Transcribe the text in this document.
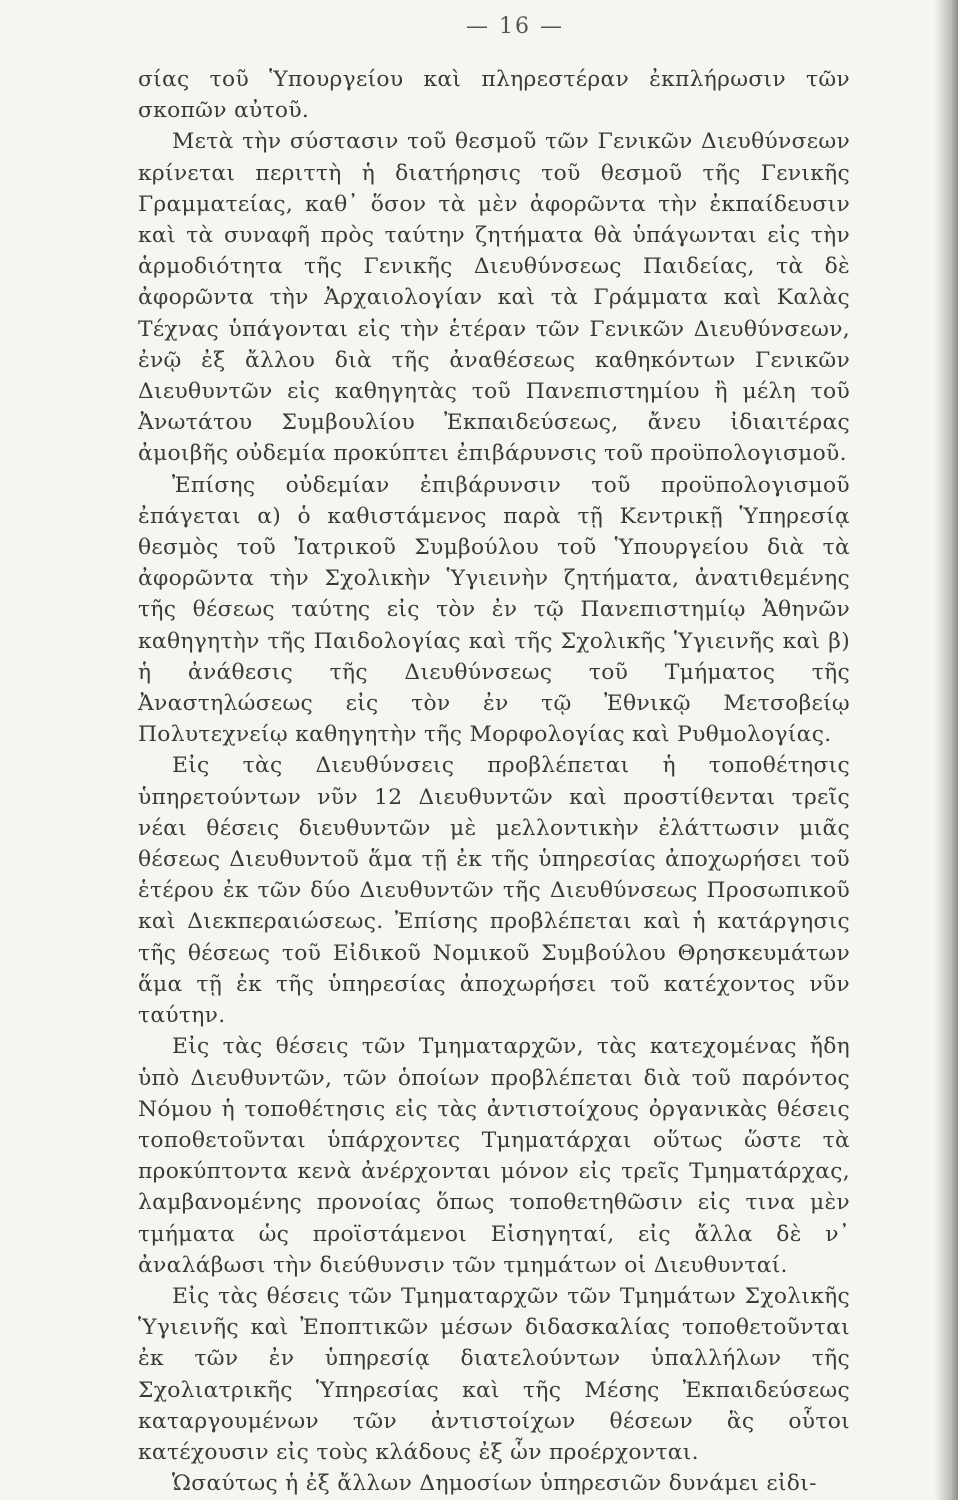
— 16 —

σίας τοῦ Ὑπουργείου καὶ πληρεστέραν ἐκπλήρωσιν τῶν σκοπῶν αὐτοῦ.

Μετὰ τὴν σύστασιν τοῦ θεσμοῦ τῶν Γενικῶν Διευθύνσεων κρίνεται περιττὴ ἡ διατήρησις τοῦ θεσμοῦ τῆς Γενικῆς Γραμματείας, καθ᾿ ὅσον τὰ μὲν ἀφορῶντα τὴν ἐκπαίδευσιν καὶ τὰ συναφῆ πρὸς ταύτην ζητήματα θὰ ὑπάγωνται εἰς τὴν ἁρμοδιότητα τῆς Γενικῆς Διευθύνσεως Παιδείας, τὰ δὲ ἀφορῶντα τὴν Ἀρχαιολογίαν καὶ τὰ Γράμματα καὶ Καλὰς Τέχνας ὑπάγονται εἰς τὴν ἑτέραν τῶν Γενικῶν Διευθύνσεων, ἐνῷ ἐξ ἄλλου διὰ τῆς ἀναθέσεως καθηκόντων Γενικῶν Διευθυντῶν εἰς καθηγητὰς τοῦ Πανεπιστημίου ἢ μέλη τοῦ Ἀνωτάτου Συμβουλίου Ἐκπαιδεύσεως, ἄνευ ἰδιαιτέρας ἀμοιβῆς οὐδεμία προκύπτει ἐπιβάρυνσις τοῦ προϋπολογισμοῦ.

Ἐπίσης οὐδεμίαν ἐπιβάρυνσιν τοῦ προϋπολογισμοῦ ἐπάγεται α) ὁ καθιστάμενος παρὰ τῇ Κεντρικῇ Ὑπηρεσίᾳ θεσμὸς τοῦ Ἰατρικοῦ Συμβούλου τοῦ Ὑπουργείου διὰ τὰ ἀφορῶντα τὴν Σχολικὴν Ὑγιεινὴν ζητήματα, ἀνατιθεμένης τῆς θέσεως ταύτης εἰς τὸν ἐν τῷ Πανεπιστημίῳ Ἀθηνῶν καθηγητὴν τῆς Παιδολογίας καὶ τῆς Σχολικῆς Ὑγιεινῆς καὶ β) ἡ ἀνάθεσις τῆς Διευθύνσεως τοῦ Τμήματος τῆς Ἀναστηλώσεως εἰς τὸν ἐν τῷ Ἐθνικῷ Μετσοβείῳ Πολυτεχνείῳ καθηγητὴν τῆς Μορφολογίας καὶ Ρυθμολογίας.

Εἰς τὰς Διευθύνσεις προβλέπεται ἡ τοποθέτησις ὑπηρετούντων νῦν 12 Διευθυντῶν καὶ προστίθενται τρεῖς νέαι θέσεις διευθυντῶν μὲ μελλοντικὴν ἐλάττωσιν μιᾶς θέσεως Διευθυντοῦ ἅμα τῇ ἐκ τῆς ὑπηρεσίας ἀποχωρήσει τοῦ ἑτέρου ἐκ τῶν δύο Διευθυντῶν τῆς Διευθύνσεως Προσωπικοῦ καὶ Διεκπεραιώσεως. Ἐπίσης προβλέπεται καὶ ἡ κατάργησις τῆς θέσεως τοῦ Εἰδικοῦ Νομικοῦ Συμβούλου Θρησκευμάτων ἅμα τῇ ἐκ τῆς ὑπηρεσίας ἀποχωρήσει τοῦ κατέχοντος νῦν ταύτην.

Εἰς τὰς θέσεις τῶν Τμηματαρχῶν, τὰς κατεχομένας ἤδη ὑπὸ Διευθυντῶν, τῶν ὁποίων προβλέπεται διὰ τοῦ παρόντος Νόμου ἡ τοποθέτησις εἰς τὰς ἀντιστοίχους ὀργανικὰς θέσεις τοποθετοῦνται ὑπάρχοντες Τμηματάρχαι οὕτως ὥστε τὰ προκύπτοντα κενὰ ἀνέρχονται μόνον εἰς τρεῖς Τμηματάρχας, λαμβανομένης προνοίας ὅπως τοποθετηθῶσιν εἰς τινα μὲν τμήματα ὡς προϊστάμενοι Εἰσηγηταί, εἰς ἄλλα δὲ ν᾿ ἀναλάβωσι τὴν διεύθυνσιν τῶν τμημάτων οἱ Διευθυνταί.

Εἰς τὰς θέσεις τῶν Τμηματαρχῶν τῶν Τμημάτων Σχολικῆς Ὑγιεινῆς καὶ Ἐποπτικῶν μέσων διδασκαλίας τοποθετοῦνται ἐκ τῶν ἐν ὑπηρεσίᾳ διατελούντων ὑπαλλήλων τῆς Σχολιατρικῆς Ὑπηρεσίας καὶ τῆς Μέσης Ἐκπαιδεύσεως καταργουμένων τῶν ἀντιστοίχων θέσεων ἃς οὗτοι κατέχουσιν εἰς τοὺς κλάδους ἐξ ὧν προέρχονται.

Ὡσαύτως ἡ ἐξ ἄλλων Δημοσίων ὑπηρεσιῶν δυνάμει εἰδι-
